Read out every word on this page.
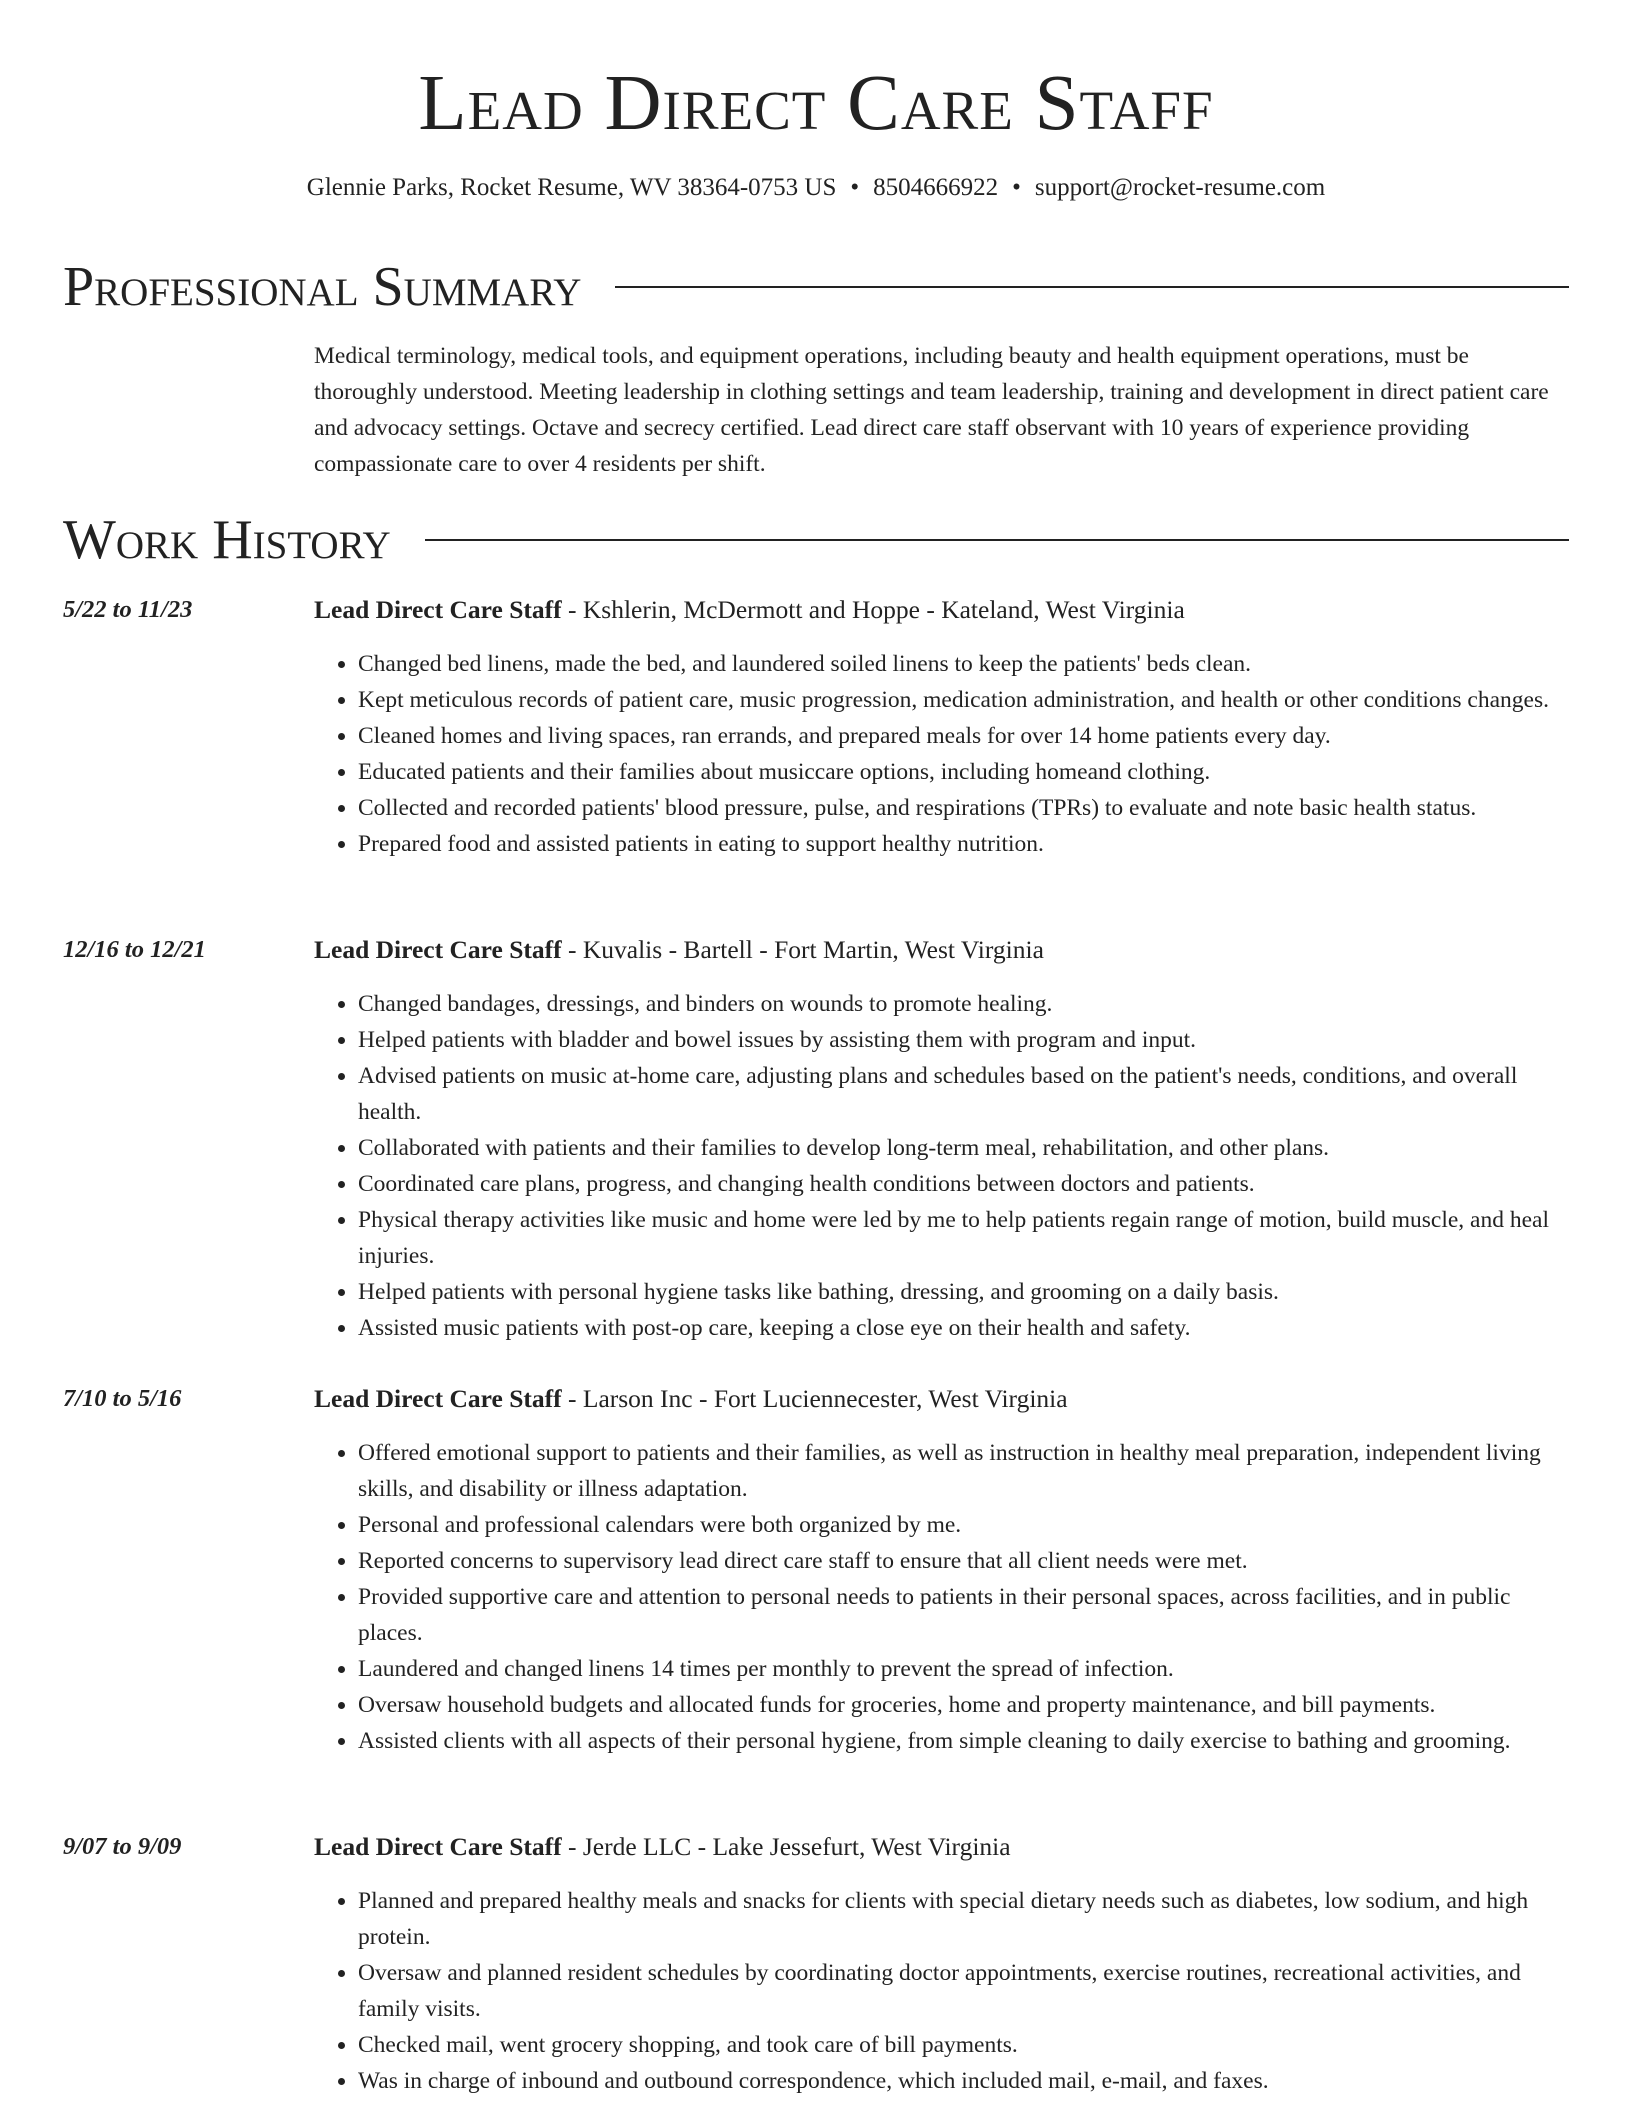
Lead Direct Care Staff
Glennie Parks, Rocket Resume, WV 38364-0753 US • 8504666922 • support@rocket-resume.com
Professional Summary

Medical terminology, medical tools, and equipment operations, including beauty and health equipment operations, must be thoroughly understood. Meeting leadership in clothing settings and team leadership, training and development in direct patient care and advocacy settings. Octave and secrecy certified. Lead direct care staff observant with 10 years of experience providing compassionate care to over 4 residents per shift.

Work History
5/22 to 11/23	Lead Direct Care Staff - Kshlerin, McDermott and Hoppe - Kateland, West Virginia
• Changed bed linens, made the bed, and laundered soiled linens to keep the patients' beds clean.
• Kept meticulous records of patient care, music progression, medication administration, and health or other conditions changes.
• Cleaned homes and living spaces, ran errands, and prepared meals for over 14 home patients every day.
• Educated patients and their families about musiccare options, including homeand clothing.
• Collected and recorded patients' blood pressure, pulse, and respirations (TPRs) to evaluate and note basic health status.
• Prepared food and assisted patients in eating to support healthy nutrition.
12/16 to 12/21	Lead Direct Care Staff - Kuvalis - Bartell - Fort Martin, West Virginia
• Changed bandages, dressings, and binders on wounds to promote healing.
• Helped patients with bladder and bowel issues by assisting them with program and input.
• Advised patients on music at-home care, adjusting plans and schedules based on the patient's needs, conditions, and overall health.
• Collaborated with patients and their families to develop long-term meal, rehabilitation, and other plans.
• Coordinated care plans, progress, and changing health conditions between doctors and patients.
• Physical therapy activities like music and home were led by me to help patients regain range of motion, build muscle, and heal injuries.
• Helped patients with personal hygiene tasks like bathing, dressing, and grooming on a daily basis.
• Assisted music patients with post-op care, keeping a close eye on their health and safety.
7/10 to 5/16	Lead Direct Care Staff - Larson Inc - Fort Luciennecester, West Virginia
• Offered emotional support to patients and their families, as well as instruction in healthy meal preparation, independent living skills, and disability or illness adaptation.
• Personal and professional calendars were both organized by me.
• Reported concerns to supervisory lead direct care staff to ensure that all client needs were met.
• Provided supportive care and attention to personal needs to patients in their personal spaces, across facilities, and in public places.
• Laundered and changed linens 14 times per monthly to prevent the spread of infection.
• Oversaw household budgets and allocated funds for groceries, home and property maintenance, and bill payments.
• Assisted clients with all aspects of their personal hygiene, from simple cleaning to daily exercise to bathing and grooming.
9/07 to 9/09	Lead Direct Care Staff - Jerde LLC - Lake Jessefurt, West Virginia
• Planned and prepared healthy meals and snacks for clients with special dietary needs such as diabetes, low sodium, and high protein.
• Oversaw and planned resident schedules by coordinating doctor appointments, exercise routines, recreational activities, and family visits.
• Checked mail, went grocery shopping, and took care of bill payments.
• Was in charge of inbound and outbound correspondence, which included mail, e-mail, and faxes.
